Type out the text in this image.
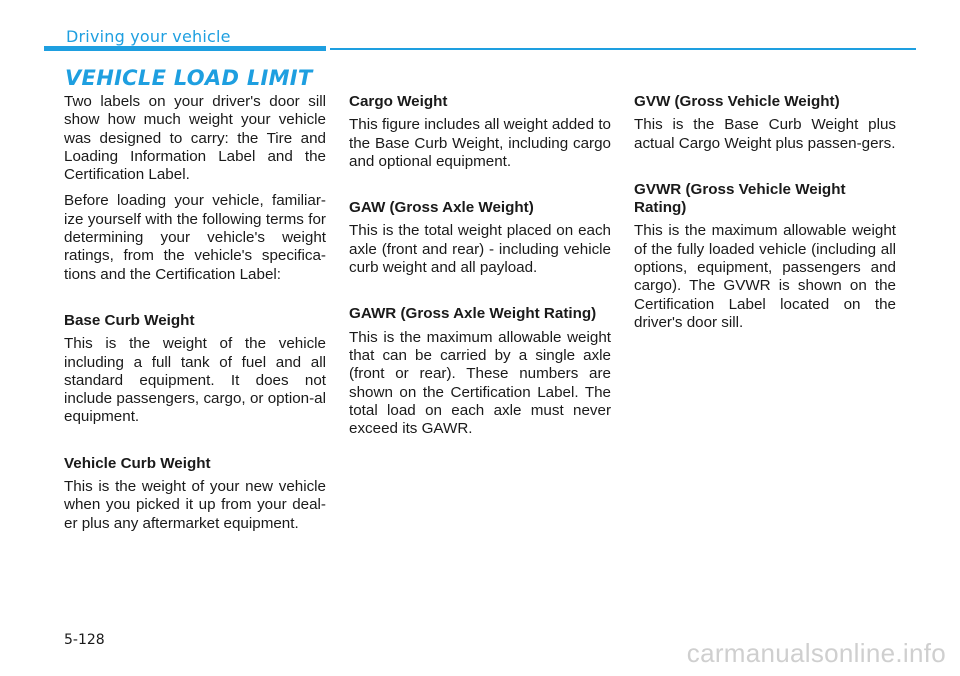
Driving your vehicle
VEHICLE LOAD LIMIT

Two labels on your driver's door sill show how much weight your vehicle was designed to carry: the Tire and Loading Information Label and the Certification Label.

Before loading your vehicle, familiar-ize yourself with the following terms for determining your vehicle's weight ratings, from the vehicle's specifica-tions and the Certification Label:

Base Curb Weight

This is the weight of the vehicle including a full tank of fuel and all standard equipment. It does not include passengers, cargo, or option-al equipment.

Vehicle Curb Weight

This is the weight of your new vehicle when you picked it up from your deal-er plus any aftermarket equipment.

Cargo Weight

This figure includes all weight added to the Base Curb Weight, including cargo and optional equipment.

GAW (Gross Axle Weight)

This is the total weight placed on each axle (front and rear) - including vehicle curb weight and all payload.

GAWR (Gross Axle Weight Rating)

This is the maximum allowable weight that can be carried by a single axle (front or rear). These numbers are shown on the Certification Label. The total load on each axle must never exceed its GAWR.

GVW (Gross Vehicle Weight)

This is the Base Curb Weight plus actual Cargo Weight plus passen-gers.

GVWR (Gross Vehicle Weight Rating)

This is the maximum allowable weight of the fully loaded vehicle (including all options, equipment, passengers and cargo). The GVWR is shown on the Certification Label located on the driver's door sill.

5-128	carmanualsonline.info
